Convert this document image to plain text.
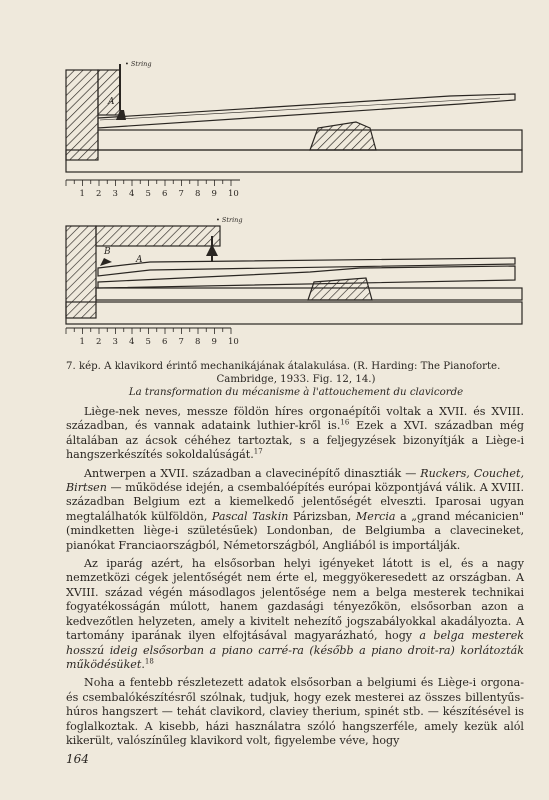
• String
A
1 2 3 4 5 6 7 8 9 10
• String
B
A
1 2 3 4 5 6 7 8 9 10
7. kép. A klavikord érintő mechanikájának átalakulása. (R. Harding: The Pianoforte.
Cambridge, 1933. Fig. 12, 14.)
La transformation du mécanisme à l'attouchement du clavicorde

Liège-nek neves, messze földön híres orgonaépítői voltak a XVII. és XVIII. században, és vannak adataink luthier-kről is.$^{16}$ Ezek a XVI. században még általában az ácsok céhéhez tartoztak, s a feljegyzések bizonyítják a Liège-i hangszerkészítés sokoldalúságát.$^{17}$

Antwerpen a XVII. században a clavecinépítő dinasztiák — Ruckers, Couchet, Birtsen — működése idején, a csembalóépítés európai központjává válik. A XVIII. században Belgium ezt a kiemelkedő jelentőségét elveszti. Iparosai ugyan megtalálhatók külföldön, Pascal Taskin Párizsban, Mercia a „grand mécanicien" (mindketten liège-i születésűek) Londonban, de Belgiumba a clavecineket, pianókat Franciaországból, Németországból, Angliából is importálják.

Az iparág azért, ha elsősorban helyi igényeket látott is el, és a nagy nemzetközi cégek jelentőségét nem érte el, meggyökeresedett az országban. A XVIII. század végén másodlagos jelentősége nem a belga mesterek technikai fogyatékosságán múlott, hanem gazdasági tényezőkön, elsősorban azon a kedvezőtlen helyzeten, amely a kivitelt nehezítő jogszabályokkal akadályozta. A tartomány iparának ilyen elfojtásával magyarázható, hogy a belga mesterek hosszú ideig elsősorban a piano carré-ra (később a piano droit-ra) korlátozták működésüket.$^{18}$

Noha a fentebb részletezett adatok elsősorban a belgiumi és Liège-i orgona- és csembalókészítésről szólnak, tudjuk, hogy ezek mesterei az összes billentyűs-húros hangszert — tehát clavikord, claviey therium, spinét stb. — készítésével is foglalkoztak. A kisebb, házi használatra szóló hangszerféle, amely kezük alól kikerült, valószínűleg klavikord volt, figyelembe véve, hogy

164
